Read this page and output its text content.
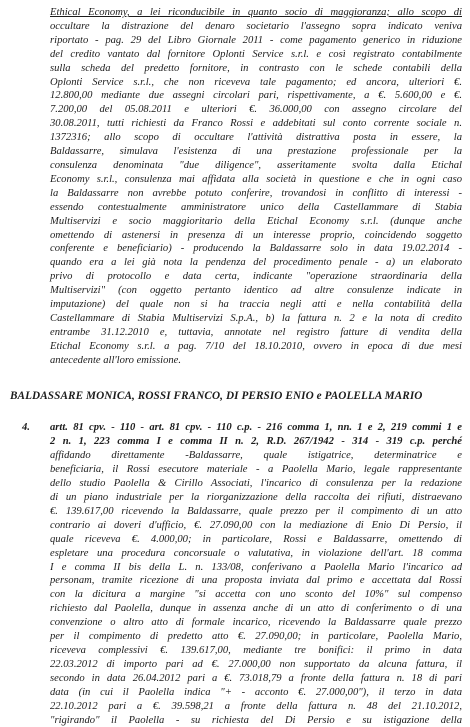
Ethical Economy, a lei riconducibile in quanto socio di maggioranza; allo scopo di
occultare la distrazione del denaro societario l'assegno sopra indicato veniva
riportato - pag. 29 del Libro Giornale 2011 - come pagamento generico in riduzione
del credito vantato dal fornitore Oplonti Service s.r.l. e così registrato contabilmente
sulla scheda del predetto fornitore, in contrasto con le schede contabili della
Oplonti Service s.r.l., che non riceveva tale pagamento; ed ancora, ulteriori €.
12.800,00 mediante due assegni circolari pari, rispettivamente, a €. 5.600,00 e €.
7.200,00 del 05.08.2011 e ulteriori €. 36.000,00 con assegno circolare del
30.08.2011, tutti richiesti da Franco Rossi e addebitati sul conto corrente sociale n.
1372316; allo scopo di occultare l'attività distrattiva posta in essere, la
Baldassarre, simulava l'esistenza di una prestazione professionale per la
consulenza denominata "due diligence", asseritamente svolta dalla Etichal
Economy s.r.l., consulenza mai affidata alla società in questione e che in ogni caso
la Baldassarre non avrebbe potuto conferire, trovandosi in conflitto di interessi -
essendo contestualmente amministratore unico della Castellammare di Stabia
Multiservizi e socio maggioritario della Etichal Economy s.r.l. (dunque anche
omettendo di astenersi in presenza di un interesse proprio, coincidendo soggetto
conferente e beneficiario) - producendo la Baldassarre solo in data 19.02.2014 -
quando era a lei già nota la pendenza del procedimento penale - a) un elaborato
privo di protocollo e data certa, indicante "operazione straordinaria della
Multiservizi" (con oggetto pertanto identico ad altre consulenze indicate in
imputazione) del quale non si ha traccia negli atti e nella contabilità della
Castellammare di Stabia Multiservizi S.p.A., b) la fattura n. 2 e la nota di credito
entrambe 31.12.2010 e, tuttavia, annotate nel registro fatture di vendita della
Etichal Economy s.r.l. a pag. 7/10 del 18.10.2010, ovvero in epoca di due mesi
antecedente all'loro emissione.
BALDASSARE MONICA, ROSSI FRANCO, DI PERSIO ENIO e PAOLELLA MARIO
4.	artt. 81 cpv. - 110 - art. 81 cpv. - 110 c.p. - 216 comma 1, nn. 1 e 2, 219 commi 1 e
2 n. 1, 223 comma I e comma II n. 2, R.D. 267/1942 - 314 - 319 c.p. perché
affidando direttamente -Baldassarre, quale istigatrice, determinatrice e
beneficiaria, il Rossi esecutore materiale - a Paolella Mario, legale rappresentante
dello studio Paolella & Cirillo Associati, l'incarico di consulenza per la redazione
di un piano industriale per la riorganizzazione della raccolta dei rifiuti, distraevano
€. 139.617,00 ricevendo la Baldassarre, quale prezzo per il compimento di un atto
contrario ai doveri d'ufficio, €. 27.090,00 con la mediazione di Enio Di Persio, il
quale riceveva €. 4.000,00; in particolare, Rossi e Baldassarre, omettendo di
espletare una procedura concorsuale o valutativa, in violazione dell'art. 18 comma
I e comma II bis della L. n. 133/08, conferivano a Paolella Mario l'incarico ad
personam, tramite ricezione di una proposta inviata dal primo e accettata dal Rossi
con la dicitura a margine "si accetta con uno sconto del 10%" sul compenso
richiesto dal Paolella, dunque in assenza anche di un atto di conferimento o di una
convenzione o altro atto di formale incarico, ricevendo la Baldassarre quale prezzo
per il compimento di predetto atto €. 27.090,00; in particolare, Paolella Mario,
riceveva complessivi €. 139.617,00, mediante tre bonifici: il primo in data
22.03.2012 di importo pari ad €. 27.000,00 non supportato da alcuna fattura, il
secondo in data 26.04.2012 pari a €. 73.018,79 a fronte della fattura n. 18 di pari
data (in cui il Paolella indica "+ - acconto €. 27.000,00"), il terzo in data
22.10.2012 pari a €. 39.598,21 a fronte della fattura n. 48 del 21.10.2012,
"rigirando" il Paolella - su richiesta del Di Persio e su istigazione della
